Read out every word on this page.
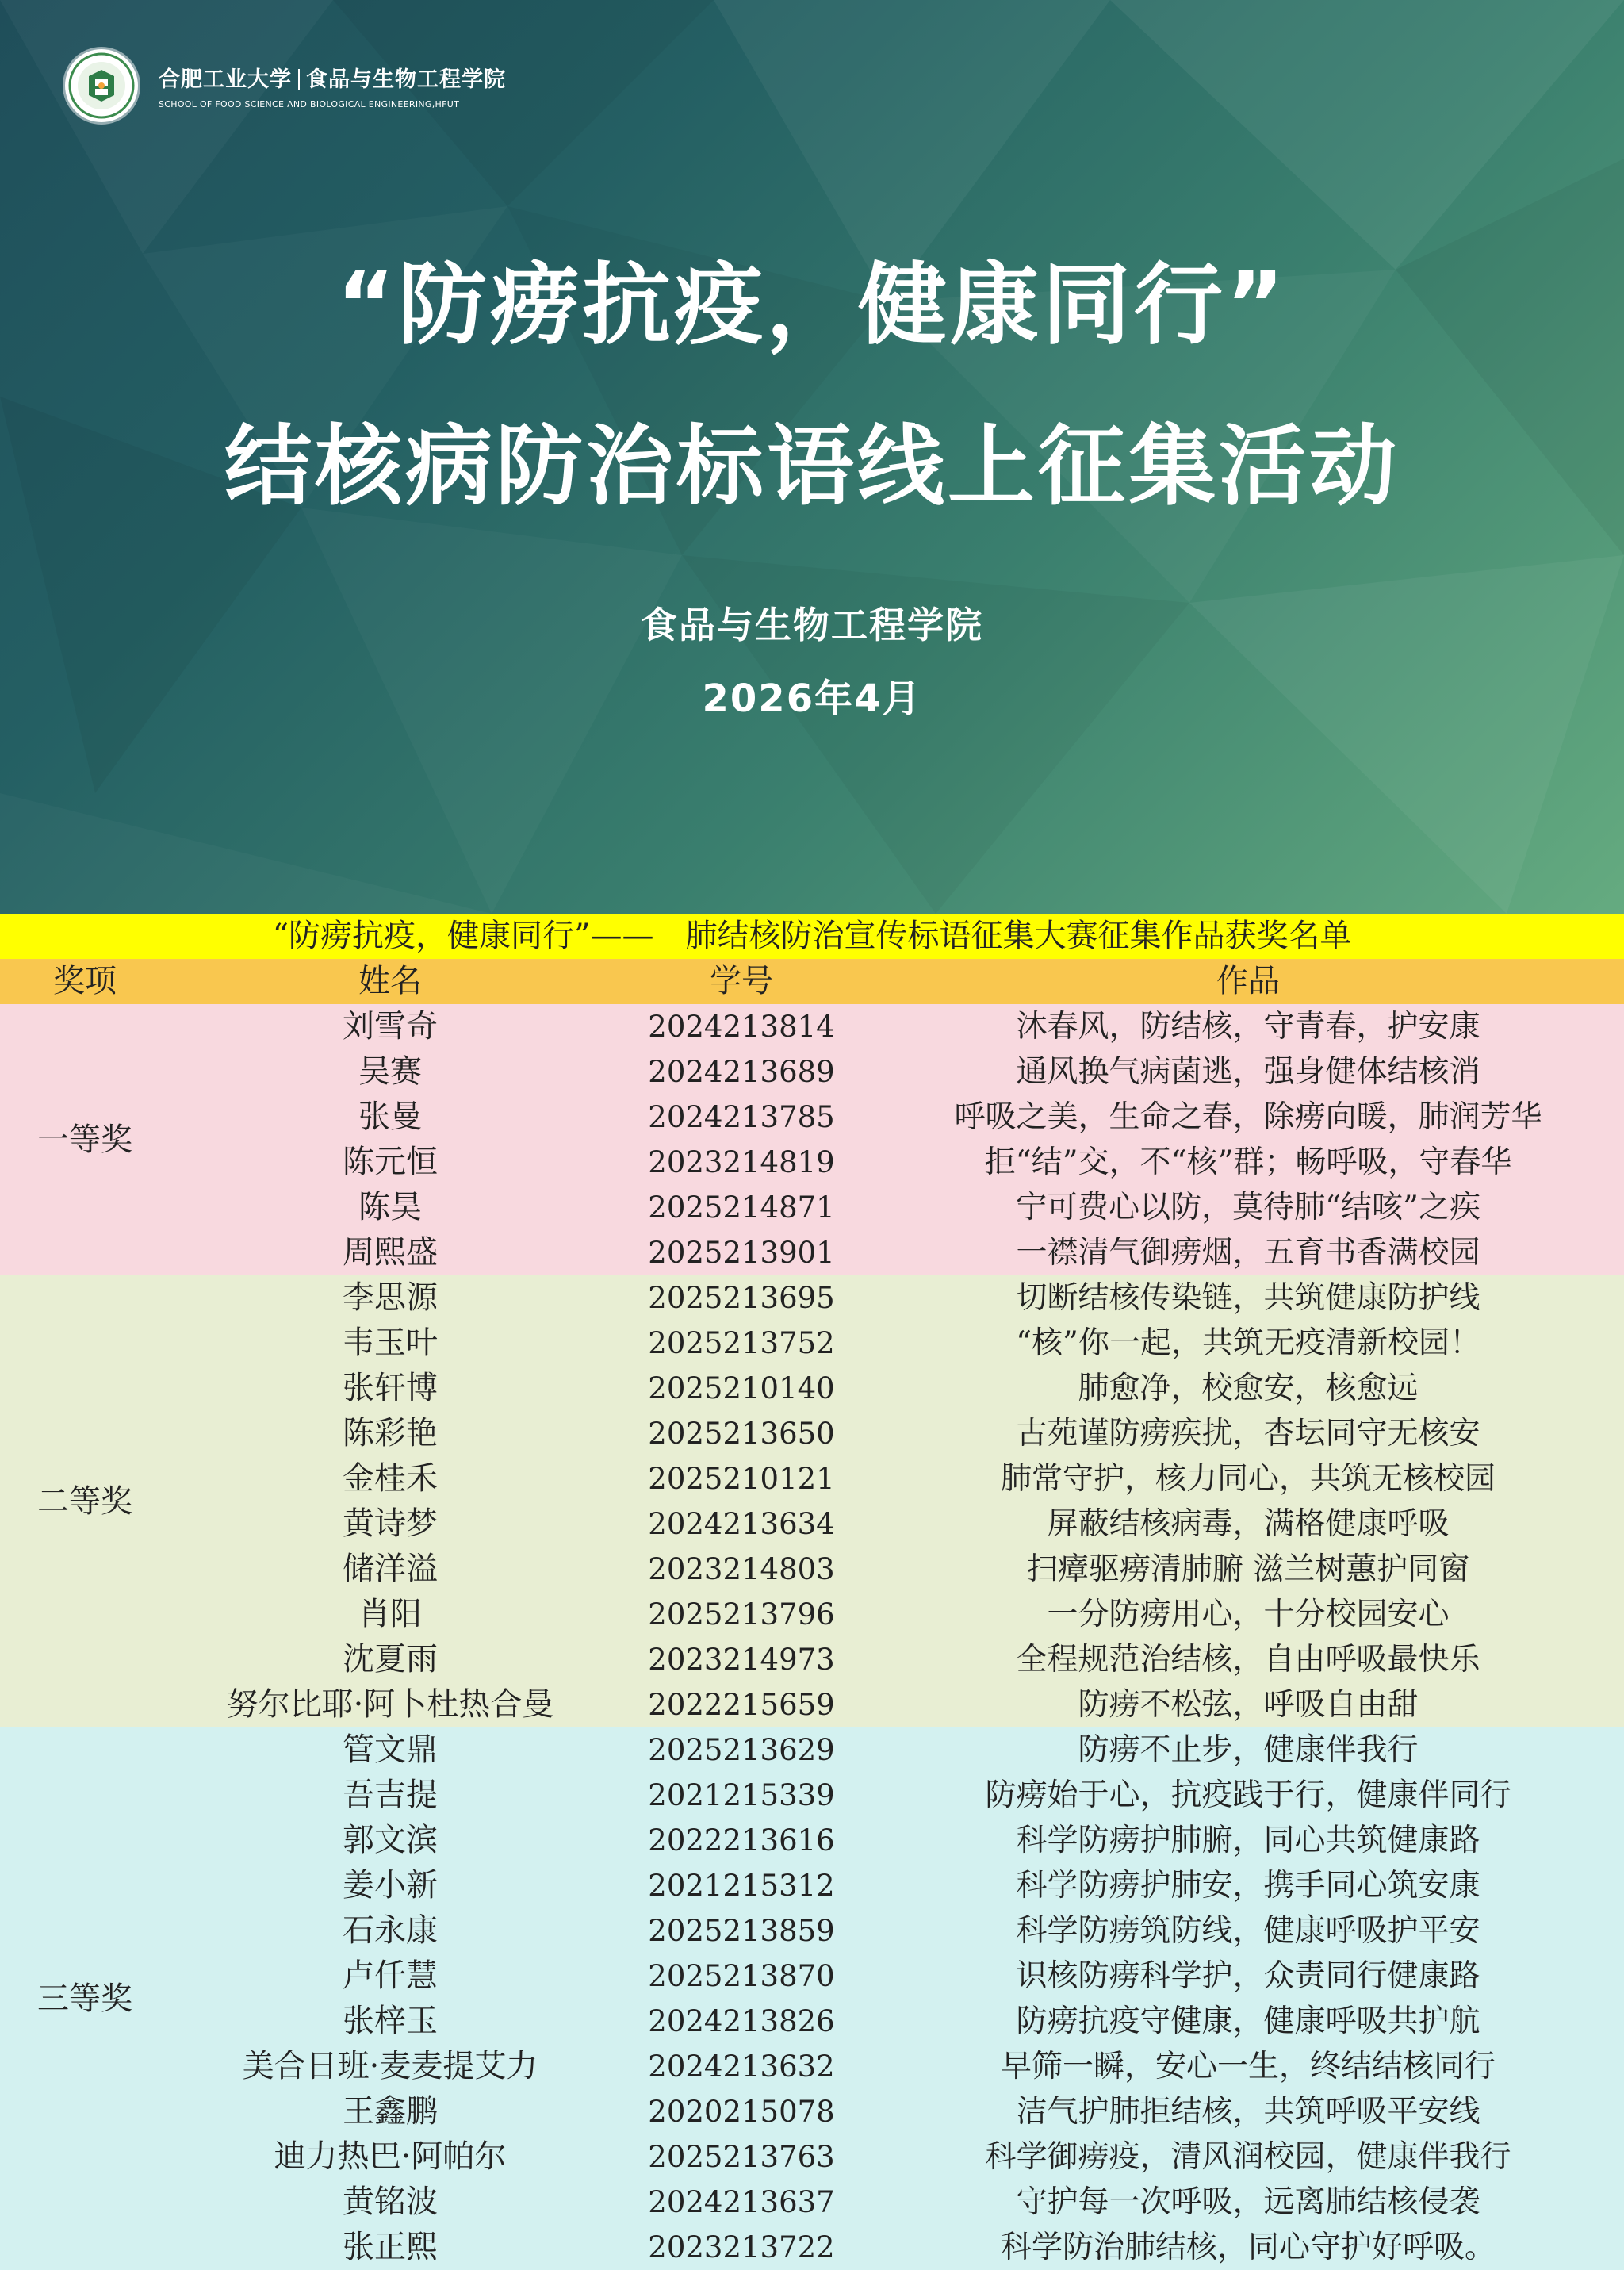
合肥工业大学 食品与生物工程学院
SCHOOL OF FOOD SCIENCE AND BIOLOGICAL ENGINEERING,HFUT
“防痨抗疫，健康同行”
结核病防治标语线上征集活动
食品与生物工程学院
2026年4月
“防痨抗疫，健康同行”——　肺结核防治宣传标语征集大赛征集作品获奖名单			
奖项	姓名	学号	作品
一等奖	刘雪奇	2024213814	沐春风，防结核，守青春，护安康
	吴赛	2024213689	通风换气病菌逃，强身健体结核消
	张曼	2024213785	呼吸之美，生命之春，除痨向暖，肺润芳华
	陈元恒	2023214819	拒“结”交，不“核”群；畅呼吸，守春华
	陈昊	2025214871	宁可费心以防，莫待肺“结咳”之疾
	周熙盛	2025213901	一襟清气御痨烟，五育书香满校园
二等奖	李思源	2025213695	切断结核传染链，共筑健康防护线
	韦玉叶	2025213752	“核”你一起，共筑无疫清新校园！
	张轩博	2025210140	肺愈净，校愈安，核愈远
	陈彩艳	2025213650	古苑谨防痨疾扰，杏坛同守无核安
	金桂禾	2025210121	肺常守护，核力同心，共筑无核校园
	黄诗梦	2024213634	屏蔽结核病毒，满格健康呼吸
	储洋溢	2023214803	扫瘴驱痨清肺腑 滋兰树蕙护同窗
	肖阳	2025213796	一分防痨用心，十分校园安心
	沈夏雨	2023214973	全程规范治结核，自由呼吸最快乐
	努尔比耶·阿卜杜热合曼	2022215659	防痨不松弦，呼吸自由甜
三等奖	管文鼎	2025213629	防痨不止步，健康伴我行
	吾吉提	2021215339	防痨始于心，抗疫践于行，健康伴同行
	郭文滨	2022213616	科学防痨护肺腑，同心共筑健康路
	姜小新	2021215312	科学防痨护肺安，携手同心筑安康
	石永康	2025213859	科学防痨筑防线，健康呼吸护平安
	卢仟慧	2025213870	识核防痨科学护，众责同行健康路
	张梓玉	2024213826	防痨抗疫守健康，健康呼吸共护航
	美合日班·麦麦提艾力	2024213632	早筛一瞬，安心一生，终结结核同行
	王鑫鹏	2020215078	洁气护肺拒结核，共筑呼吸平安线
	迪力热巴·阿帕尔	2025213763	科学御痨疫，清风润校园，健康伴我行
	黄铭波	2024213637	守护每一次呼吸，远离肺结核侵袭
	张正熙	2023213722	科学防治肺结核，同心守护好呼吸。
